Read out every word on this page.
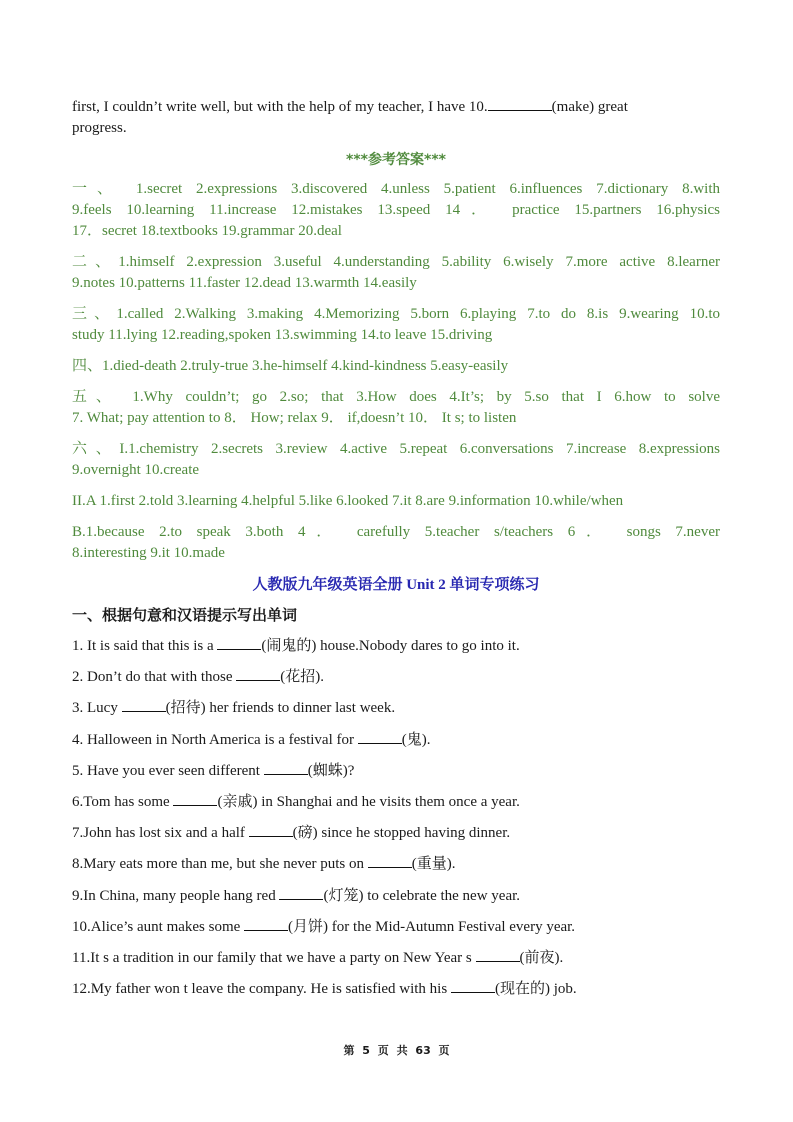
first, I couldn’t write well, but with the help of my teacher, I have 10.	(make) great
progress.
***参考答案***
一、 1.secret 2.expressions 3.discovered 4.unless 5.patient 6.influences 7.dictionary 8.with
9.feels 10.learning 11.increase 12.mistakes 13.speed 14． practice 15.partners 16.physics
17．secret 18.textbooks 19.grammar 20.deal
二、1.himself 2.expression 3.useful 4.understanding 5.ability 6.wisely 7.more active 8.learner
9.notes 10.patterns 11.faster 12.dead 13.warmth 14.easily
三、1.called 2.Walking 3.making 4.Memorizing 5.born 6.playing 7.to do 8.is 9.wearing 10.to
study 11.lying 12.reading,spoken 13.swimming 14.to leave 15.driving
四、1.died-death 2.truly-true 3.he-himself 4.kind-kindness 5.easy-easily
五、 1.Why couldn’t; go 2.so; that 3.How does 4.It’s; by 5.so that I 6.how to solve
7. What; pay attention to 8． How; relax 9． if,doesn’t 10． It s; to listen
六、I.1.chemistry 2.secrets 3.review 4.active 5.repeat 6.conversations 7.increase 8.expressions
9.overnight 10.create
II.A 1.first 2.told 3.learning 4.helpful 5.like 6.looked 7.it 8.are 9.information 10.while/when
B.1.because 2.to speak 3.both 4． carefully 5.teacher s/teachers 6． songs 7.never
8.interesting 9.it 10.made
人教版九年级英语全册 Unit 2 单词专项练习
一、根据句意和汉语提示写出单词
1. It is said that this is a	(闹鬼的) house.Nobody dares to go into it.
2. Don’t do that with those	(花招).
3. Lucy	(招待) her friends to dinner last week.
4. Halloween in North America is a festival for	(鬼).
5. Have you ever seen different	(蜘蛛)?
6.Tom has some	(亲戚) in Shanghai and he visits them once a year.
7.John has lost six and a half	(磅) since he stopped having dinner.
8.Mary eats more than me, but she never puts on	(重量).
9.In China, many people hang red	(灯笼) to celebrate the new year.
10.Alice’s aunt makes some	(月饼) for the Mid-Autumn Festival every year.
11.It s a tradition in our family that we have a party on New Year s	(前夜).
12.My father won t leave the company. He is satisfied with his	(现在的) job.
第 5 页 共 63 页
